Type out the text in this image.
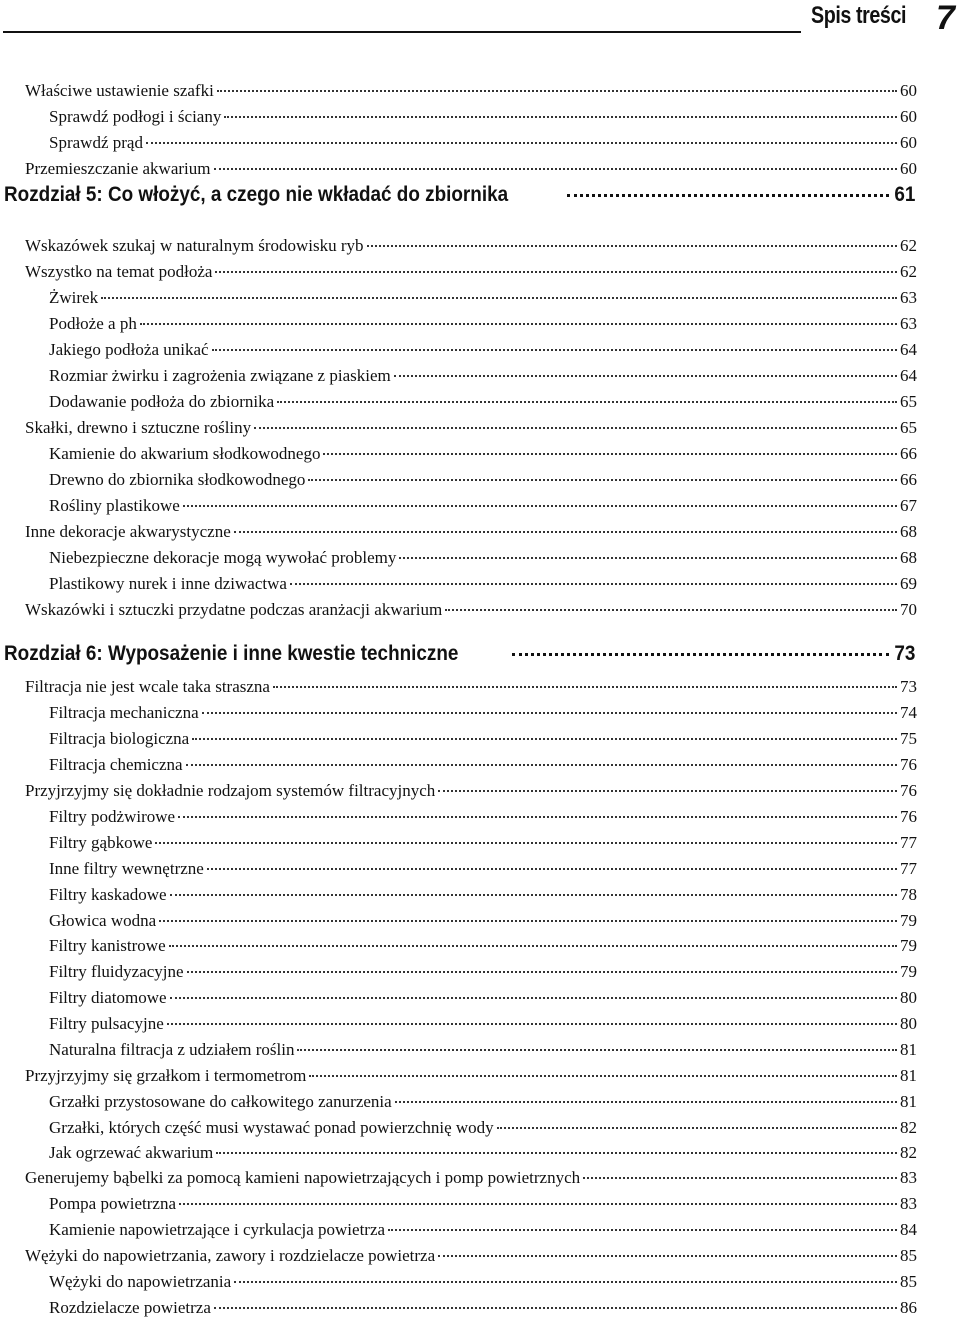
Spis treści 7
Właściwe ustawienie szafki	60
Sprawdź podłogi i ściany	60
Sprawdź prąd	60
Przemieszczanie akwarium	60
Rozdział 5: Co włożyć, a czego nie wkładać do zbiornika	61
Wskazówek szukaj w naturalnym środowisku ryb	62
Wszystko na temat podłoża	62
Żwirek	63
Podłoże a ph	63
Jakiego podłoża unikać	64
Rozmiar żwirku i zagrożenia związane z piaskiem	64
Dodawanie podłoża do zbiornika	65
Skałki, drewno i sztuczne rośliny	65
Kamienie do akwarium słodkowodnego	66
Drewno do zbiornika słodkowodnego	66
Rośliny plastikowe	67
Inne dekoracje akwarystyczne	68
Niebezpieczne dekoracje mogą wywołać problemy	68
Plastikowy nurek i inne dziwactwa	69
Wskazówki i sztuczki przydatne podczas aranżacji akwarium	70
Rozdział 6: Wyposażenie i inne kwestie techniczne	73
Filtracja nie jest wcale taka straszna	73
Filtracja mechaniczna	74
Filtracja biologiczna	75
Filtracja chemiczna	76
Przyjrzyjmy się dokładnie rodzajom systemów filtracyjnych	76
Filtry podżwirowe	76
Filtry gąbkowe	77
Inne filtry wewnętrzne	77
Filtry kaskadowe	78
Głowica wodna	79
Filtry kanistrowe	79
Filtry fluidyzacyjne	79
Filtry diatomowe	80
Filtry pulsacyjne	80
Naturalna filtracja z udziałem roślin	81
Przyjrzyjmy się grzałkom i termometrom	81
Grzałki przystosowane do całkowitego zanurzenia	81
Grzałki, których część musi wystawać ponad powierzchnię wody	82
Jak ogrzewać akwarium	82
Generujemy bąbelki za pomocą kamieni napowietrzających i pomp powietrznych	83
Pompa powietrzna	83
Kamienie napowietrzające i cyrkulacja powietrza	84
Wężyki do napowietrzania, zawory i rozdzielacze powietrza	85
Wężyki do napowietrzania	85
Rozdzielacze powietrza	86
